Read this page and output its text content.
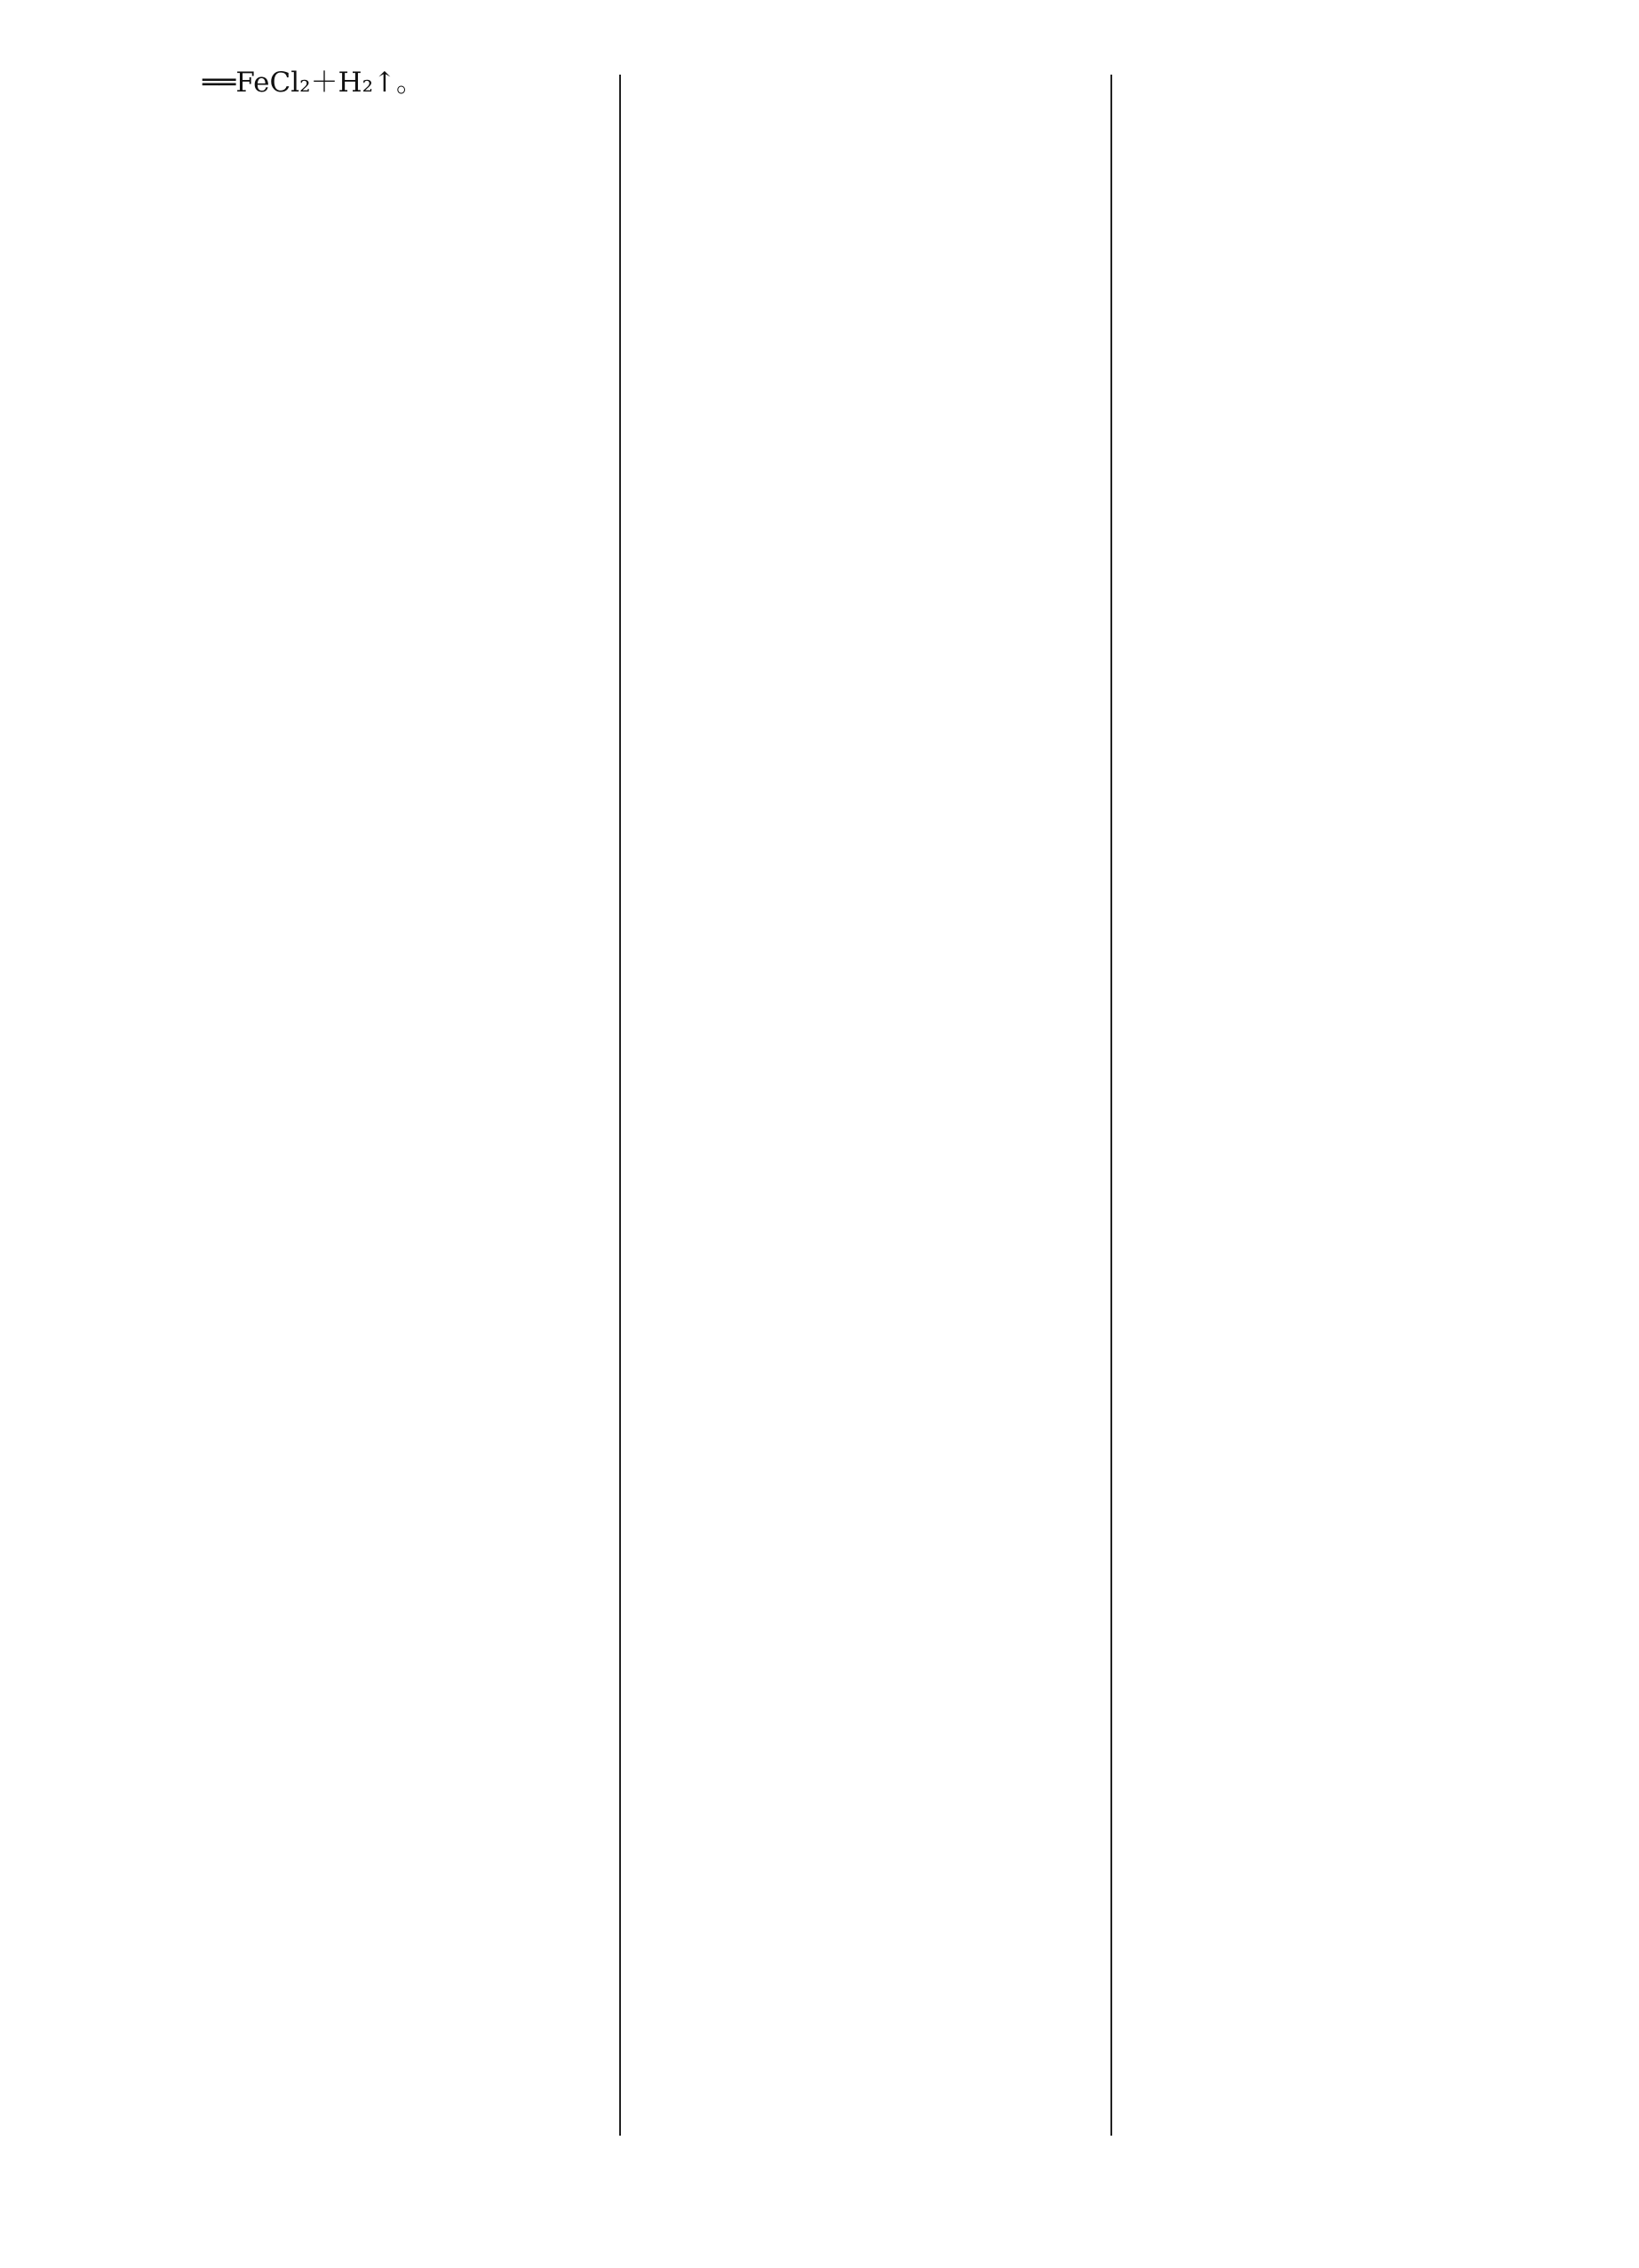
══FeCl₂＋H₂↑。
